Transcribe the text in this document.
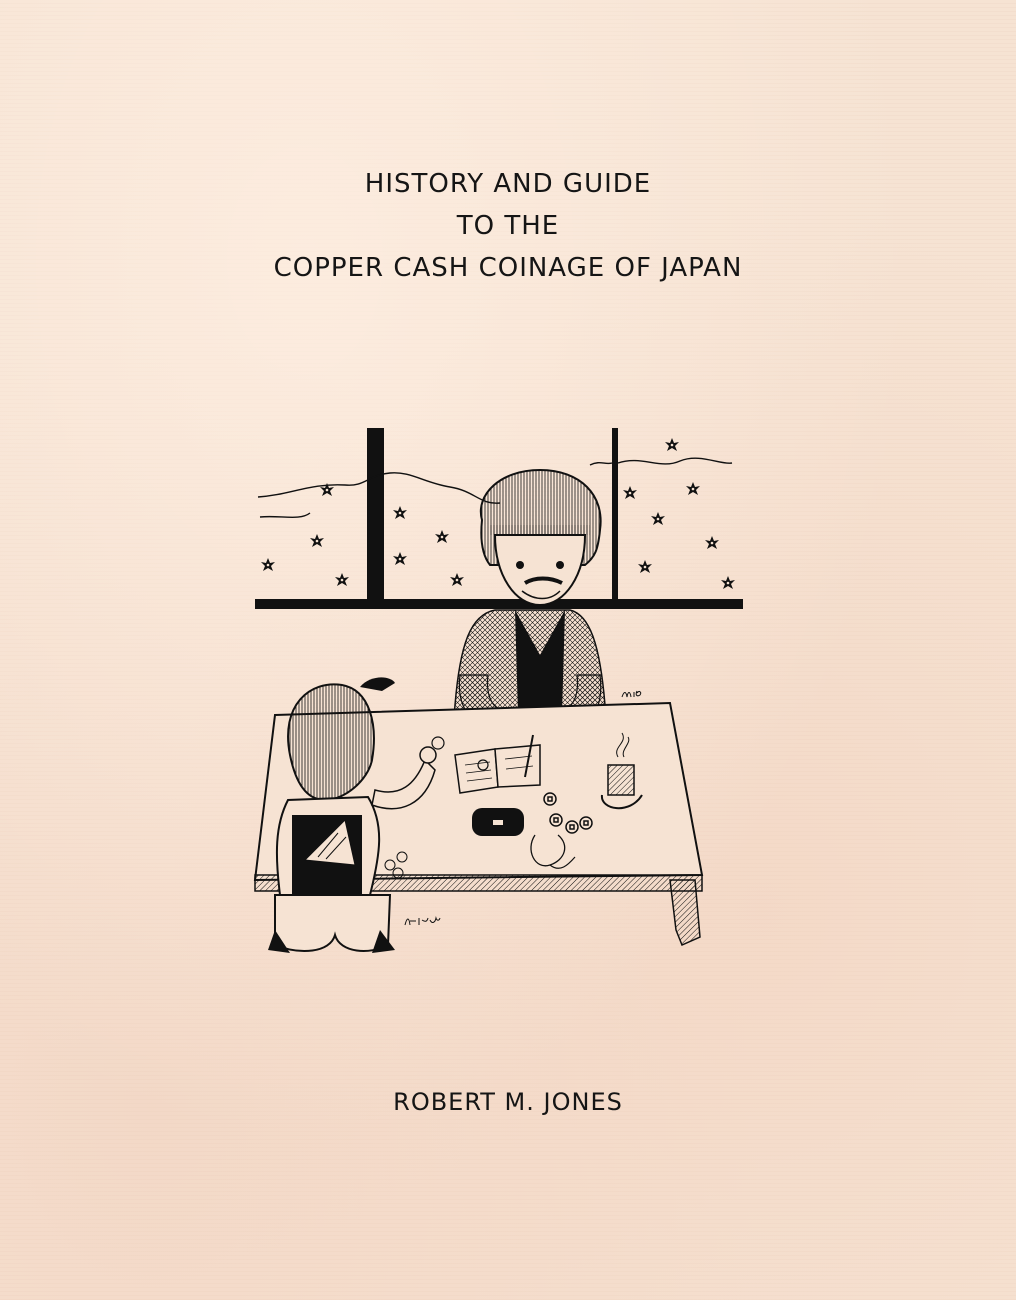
HISTORY AND GUIDE
TO THE
COPPER CASH COINAGE OF JAPAN
ROBERT M. JONES
